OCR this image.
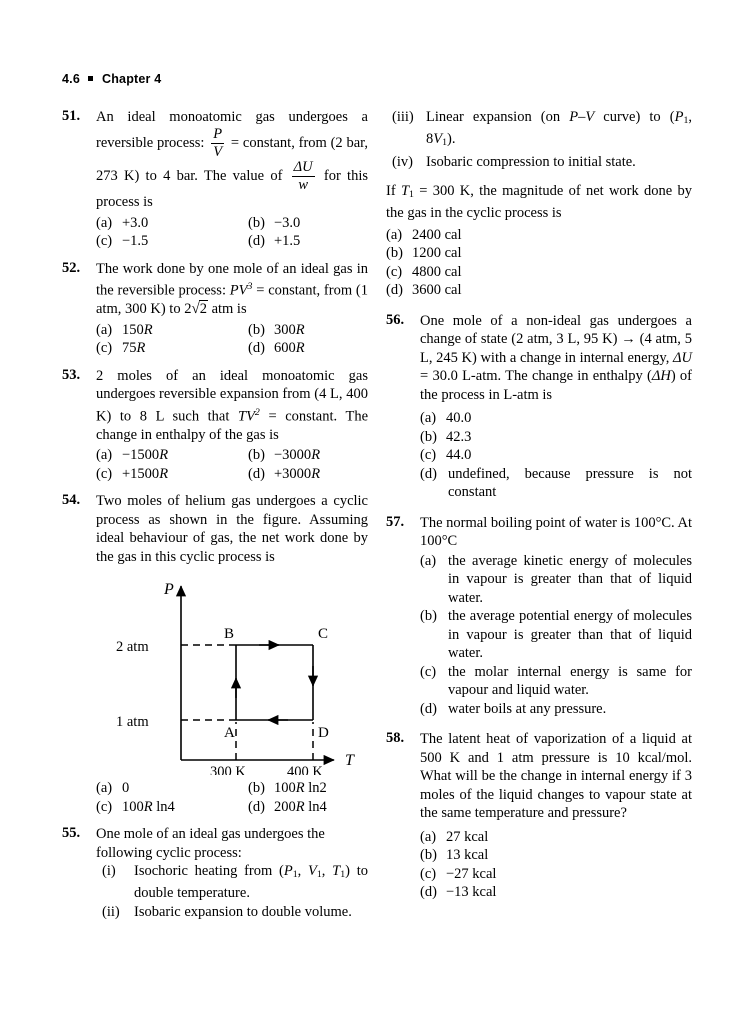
4.6 Chapter 4
51. An ideal monoatomic gas undergoes a reversible process: $\frac{P}{V}$ = constant, from (2 bar, 273 K) to 4 bar. The value of $\frac{\Delta U}{w}$ for this process is
(a) +3.0	(b) −3.0
(c) −1.5	(d) +1.5
52. The work done by one mole of an ideal gas in the reversible process: $PV^3$ = constant, from (1 atm, 300 K) to 2√2 atm is
(a) 150R	(b) 300R
(c) 75R	(d) 600R
53. 2 moles of an ideal monoatomic gas undergoes reversible expansion from (4 L, 400 K) to 8 L such that $TV^2$ = constant. The change in enthalpy of the gas is
(a) −1500R	(b) −3000R
(c) +1500R	(d) +3000R
54. Two moles of helium gas undergoes a cyclic process as shown in the figure. Assuming ideal behaviour of gas, the net work done by the gas in this cyclic process is
P
T
2 atm
1 atm
300 K	400 K
A
B	C
D
(a) 0	(b) 100R ln2
(c) 100R ln4	(d) 200R ln4
55. One mole of an ideal gas undergoes the following cyclic process:
(i) Isochoric heating from ($P_1$, $V_1$, $T_1$) to double temperature.
(ii) Isobaric expansion to double volume.
(iii) Linear expansion (on P–V curve) to ($P_1$, $8V_1$).
(iv) Isobaric compression to initial state.
If $T_1 = 300$ K, the magnitude of net work done by the gas in the cyclic process is
(a) 2400 cal
(b) 1200 cal
(c) 4800 cal
(d) 3600 cal
56. One mole of a non-ideal gas undergoes a change of state (2 atm, 3 L, 95 K) → (4 atm, 5 L, 245 K) with a change in internal energy, ΔU = 30.0 L-atm. The change in enthalpy (ΔH) of the process in L-atm is
(a) 40.0
(b) 42.3
(c) 44.0
(d) undefined, because pressure is not constant
57. The normal boiling point of water is 100°C. At 100°C
(a) the average kinetic energy of molecules in vapour is greater than that of liquid water.
(b) the average potential energy of molecules in vapour is greater than that of liquid water.
(c) the molar internal energy is same for vapour and liquid water.
(d) water boils at any pressure.
58. The latent heat of vaporization of a liquid at 500 K and 1 atm pressure is 10 kcal/mol. What will be the change in internal energy if 3 moles of the liquid changes to vapour state at the same temperature and pressure?
(a) 27 kcal
(b) 13 kcal
(c) −27 kcal
(d) −13 kcal
